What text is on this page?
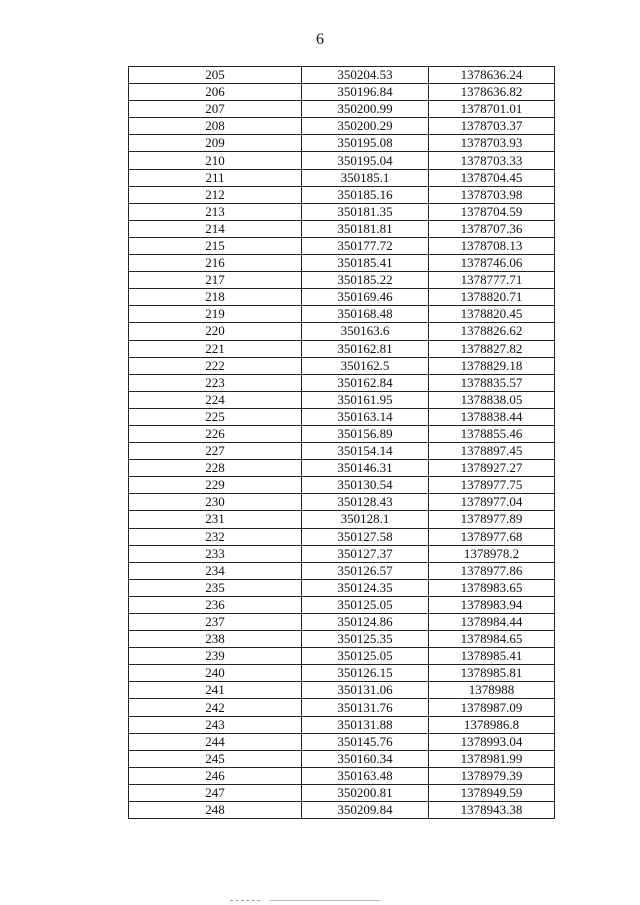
6
205	350204.53	1378636.24
206	350196.84	1378636.82
207	350200.99	1378701.01
208	350200.29	1378703.37
209	350195.08	1378703.93
210	350195.04	1378703.33
211	350185.1	1378704.45
212	350185.16	1378703.98
213	350181.35	1378704.59
214	350181.81	1378707.36
215	350177.72	1378708.13
216	350185.41	1378746.06
217	350185.22	1378777.71
218	350169.46	1378820.71
219	350168.48	1378820.45
220	350163.6	1378826.62
221	350162.81	1378827.82
222	350162.5	1378829.18
223	350162.84	1378835.57
224	350161.95	1378838.05
225	350163.14	1378838.44
226	350156.89	1378855.46
227	350154.14	1378897.45
228	350146.31	1378927.27
229	350130.54	1378977.75
230	350128.43	1378977.04
231	350128.1	1378977.89
232	350127.58	1378977.68
233	350127.37	1378978.2
234	350126.57	1378977.86
235	350124.35	1378983.65
236	350125.05	1378983.94
237	350124.86	1378984.44
238	350125.35	1378984.65
239	350125.05	1378985.41
240	350126.15	1378985.81
241	350131.06	1378988
242	350131.76	1378987.09
243	350131.88	1378986.8
244	350145.76	1378993.04
245	350160.34	1378981.99
246	350163.48	1378979.39
247	350200.81	1378949.59
248	350209.84	1378943.38
